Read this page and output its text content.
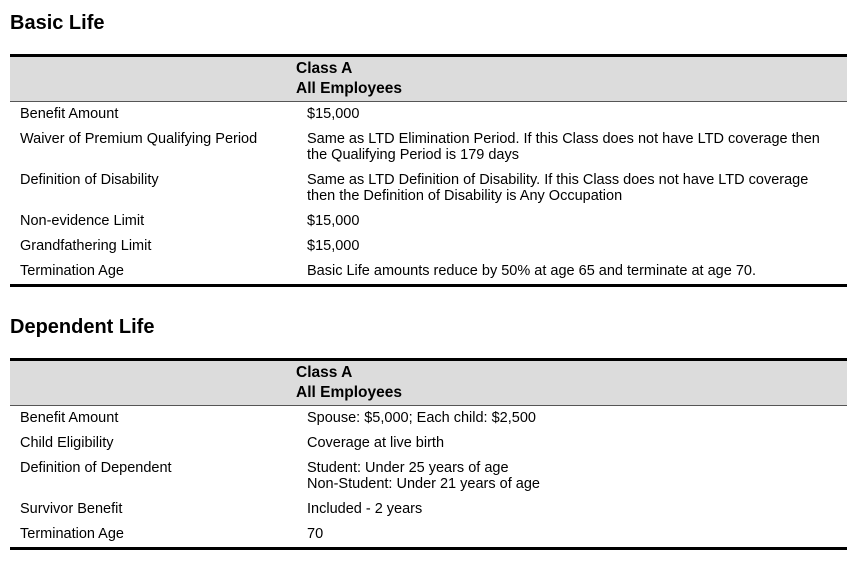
Basic Life

	Class A
All Employees

Benefit Amount	$15,000

Waiver of Premium Qualifying Period	Same as LTD Elimination Period. If this Class does not have LTD coverage then
the Qualifying Period is 179 days

Definition of Disability	Same as LTD Definition of Disability. If this Class does not have LTD coverage
then the Definition of Disability is Any Occupation

Non-evidence Limit	$15,000

Grandfathering Limit	$15,000

Termination Age	Basic Life amounts reduce by 50% at age 65 and terminate at age 70.
Dependent Life

	Class A
All Employees

Benefit Amount	Spouse: $5,000; Each child: $2,500

Child Eligibility	Coverage at live birth

Definition of Dependent	Student: Under 25 years of age
Non-Student: Under 21 years of age

Survivor Benefit	Included - 2 years

Termination Age	70
